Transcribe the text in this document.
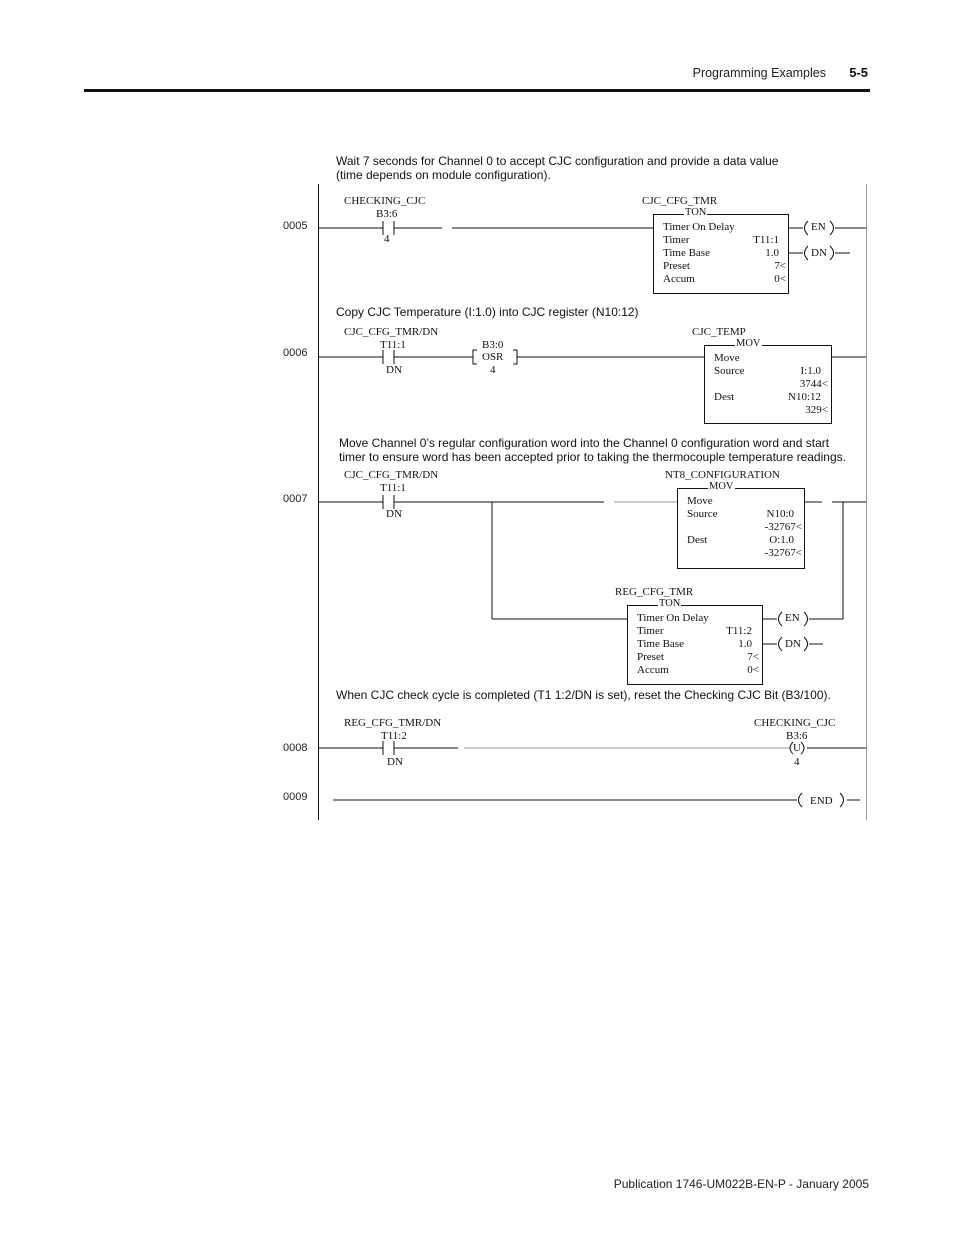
Programming Examples 5-5
Wait 7 seconds for Channel 0 to accept CJC configuration and provide a data value (time depends on module configuration).
0005
CHECKING_CJC
B3:6
4
CJC_CFG_TMR
TON
Timer On Delay
Timer	T11:1
Time Base	1.0
Preset	7<
Accum	0<
EN
DN
Copy CJC Temperature (I:1.0) into CJC register (N10:12)
0006
CJC_CFG_TMR/DN
T11:1
DN
B3:0
OSR
4
CJC_TEMP
MOV
Move
Source	I:1.0
3744<
Dest	N10:12
329<
Move Channel 0’s regular configuration word into the Channel 0 configuration word and start timer to ensure word has been accepted prior to taking the thermocouple temperature readings.
0007
CJC_CFG_TMR/DN
T11:1
DN
NT8_CONFIGURATION
MOV
Move
Source	N10:0
-32767<
Dest	O:1.0
-32767<
REG_CFG_TMR
TON
Timer On Delay
Timer	T11:2
Time Base	1.0
Preset	7<
Accum	0<
EN
DN
When CJC check cycle is completed (T1 1:2/DN is set), reset the Checking CJC Bit (B3/100).
0008
REG_CFG_TMR/DN
T11:2
DN
CHECKING_CJC
B3:6
U
4
0009	END
Publication 1746-UM022B-EN-P - January 2005
